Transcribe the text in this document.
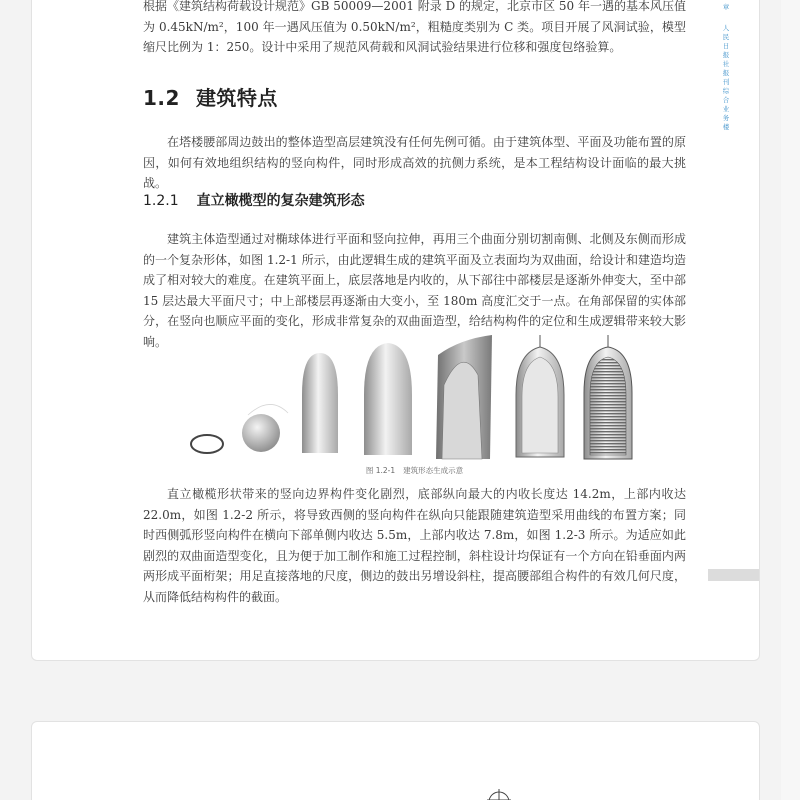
根据《建筑结构荷载设计规范》GB 50009—2001 附录 D 的规定，北京市区 50 年一遇的基本风压值为 0.45kN/m²，100 年一遇风压值为 0.50kN/m²，粗糙度类别为 C 类。项目开展了风洞试验，模型缩尺比例为 1：250。设计中采用了规范风荷载和风洞试验结果进行位移和强度包络验算。

1.2 建筑特点

在塔楼腰部周边鼓出的整体造型高层建筑没有任何先例可循。由于建筑体型、平面及功能布置的原因，如何有效地组织结构的竖向构件，同时形成高效的抗侧力系统，是本工程结构设计面临的最大挑战。

1.2.1 直立橄榄型的复杂建筑形态

建筑主体造型通过对椭球体进行平面和竖向拉伸，再用三个曲面分别切割南侧、北侧及东侧而形成的一个复杂形体，如图 1.2-1 所示，由此逻辑生成的建筑平面及立表面均为双曲面，给设计和建造均造成了相对较大的难度。在建筑平面上，底层落地是内收的，从下部往中部楼层是逐渐外伸变大，至中部 15 层达最大平面尺寸；中上部楼层再逐渐由大变小，至 180m 高度汇交于一点。在角部保留的实体部分，在竖向也顺应平面的变化，形成非常复杂的双曲面造型，给结构构件的定位和生成逻辑带来较大影响。

图 1.2-1 建筑形态生成示意

直立橄榄形状带来的竖向边界构件变化剧烈，底部纵向最大的内收长度达 14.2m，上部内收达 22.0m，如图 1.2-2 所示，将导致西侧的竖向构件在纵向只能跟随建筑造型采用曲线的布置方案；同时西侧弧形竖向构件在横向下部单侧内收达 5.5m，上部内收达 7.8m，如图 1.2-3 所示。为适应如此剧烈的双曲面造型变化，且为便于加工制作和施工过程控制，斜柱设计均保证有一个方向在铅垂面内两两形成平面桁架；用足直接落地的尺度，侧边的鼓出另增设斜柱，提高腰部组合构件的有效几何尺度，从而降低结构构件的截面。

章
人民日报社报刊综合业务楼
